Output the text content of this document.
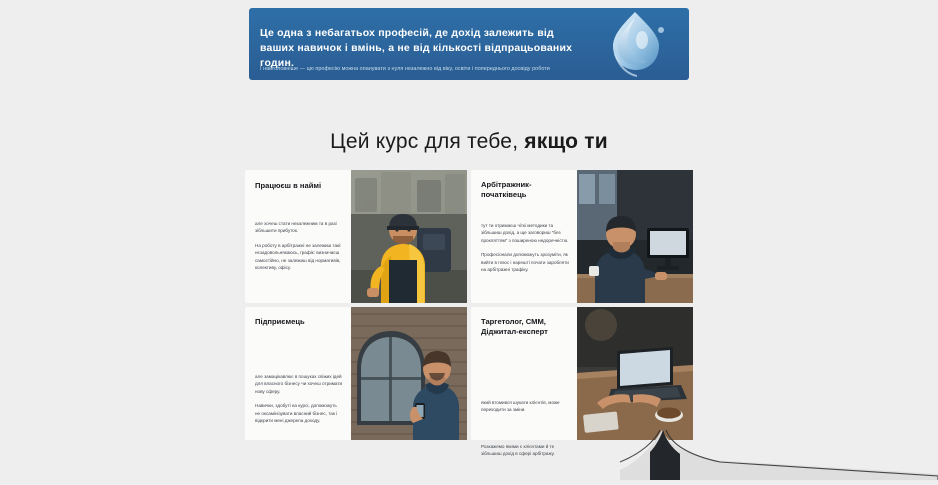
Це одна з небагатьох професій, де дохід залежить від ваших навичок і вмінь, а не від кількості відпрацьованих годин.
І найголовніше — цю професію можна опанувати з нуля незалежно від віку, освіти і попереднього досвіду роботи
Цей курс для тебе, якщо ти
Працюєш в наймі

але хочеш стати незалежним та в разі зібльшити прибуток.

На роботу в арбітражні не залежиш такі: нєзадовольнякаюсь, графік: визначаєш самостійно, не залежиш від нормативів, колективу, офісу.

Арбітражник-початківець

тут ти отримаєш чіткі методики та зібльшиш дохід, а ще заговориш "без прокляттям" з поширеною недоречністю.

Професіонали допоможуть зрозуміти, як вийти в плюс і нарешті почати заробляти на арбітражні трафіку.

Підприємець

але замацікавлює в пошуках свіжих ідей для власного бізнесу чи хочеш отримати нову сферу.

Навички, здобуті на курсі, допоможуть не оксамінізувати власний бізнес, так і відкрити мені джерела доходу.

Таргетолог, СММ, Діджитал-експерт

який втомився шукати клієнтів, може переходити за зміни.

Розкажемо якими є клієнтами й те зібльшиш дохід в сфері арбітражу.
